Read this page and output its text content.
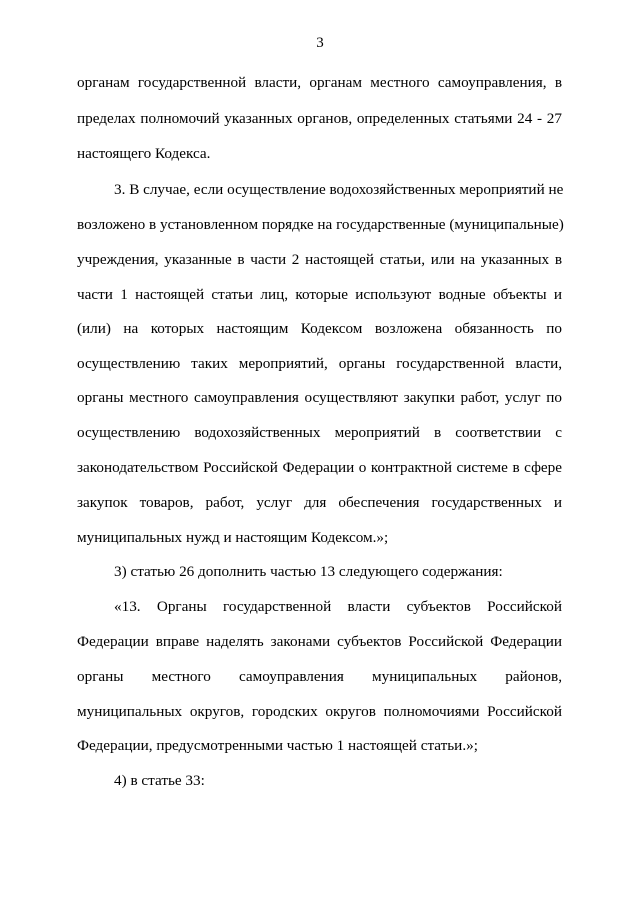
3
органам государственной власти, органам местного самоуправления, в
пределах полномочий указанных органов, определенных статьями 24 - 27
настоящего Кодекса.
3. В случае, если осуществление водохозяйственных мероприятий не
возложено в установленном порядке на государственные (муниципальные)
учреждения, указанные в части 2 настоящей статьи, или на указанных в
части 1 настоящей статьи лиц, которые используют водные объекты и
(или) на которых настоящим Кодексом возложена обязанность по
осуществлению таких мероприятий, органы государственной власти,
органы местного самоуправления осуществляют закупки работ, услуг по
осуществлению водохозяйственных мероприятий в соответствии с
законодательством Российской Федерации о контрактной системе в сфере
закупок товаров, работ, услуг для обеспечения государственных и
муниципальных нужд и настоящим Кодексом.»;
3) статью 26 дополнить частью 13 следующего содержания:
«13. Органы государственной власти субъектов Российской
Федерации вправе наделять законами субъектов Российской Федерации
органы местного самоуправления муниципальных районов,
муниципальных округов, городских округов полномочиями Российской
Федерации, предусмотренными частью 1 настоящей статьи.»;
4) в статье 33:
